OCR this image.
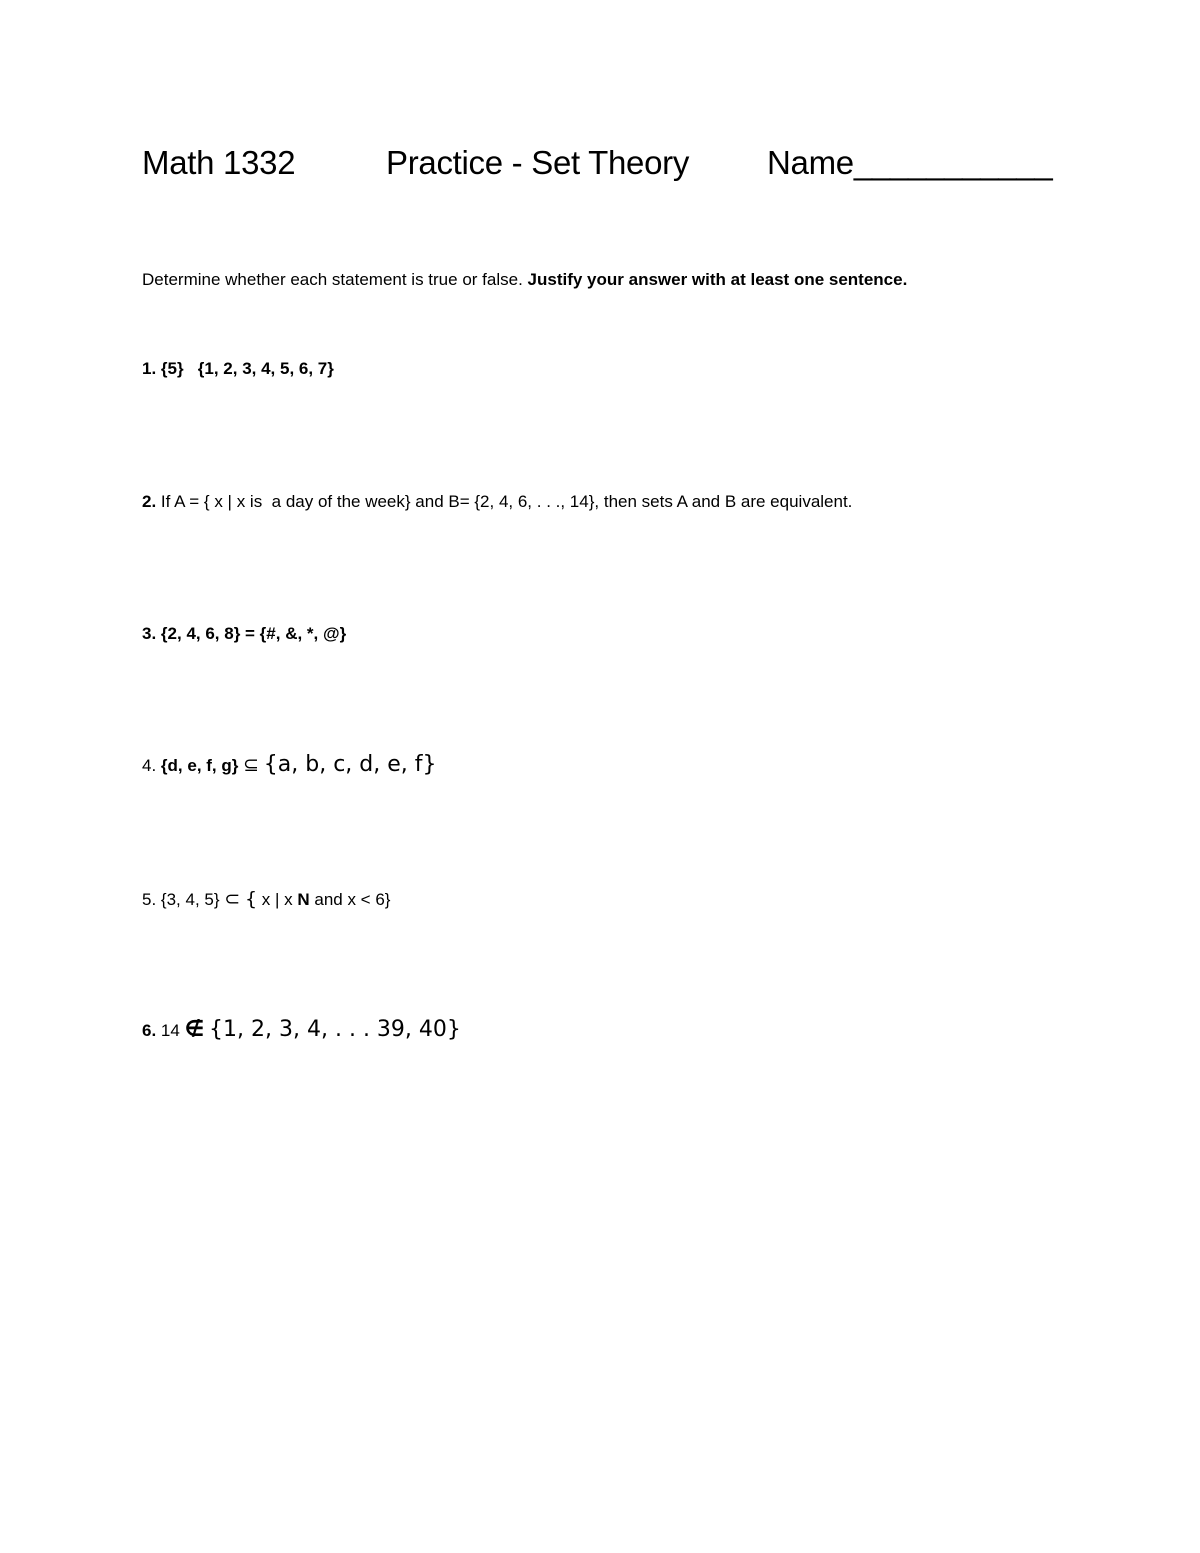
Math 1332	Practice - Set Theory Name___________
Determine whether each statement is true or false. Justify your answer with at least one sentence.
1. {5}   {1, 2, 3, 4, 5, 6, 7}
2. If A = { x | x is  a day of the week} and B= {2, 4, 6, . . ., 14}, then sets A and B are equivalent.
3. {2, 4, 6, 8} = {#, &, *, @}
4. {d, e, f, g} ⊆ {a, b, c, d, e, f}
5. {3, 4, 5} ⊂ { x | x N and x < 6}
6. 14 ∉ {1, 2, 3, 4, . . . 39, 40}
